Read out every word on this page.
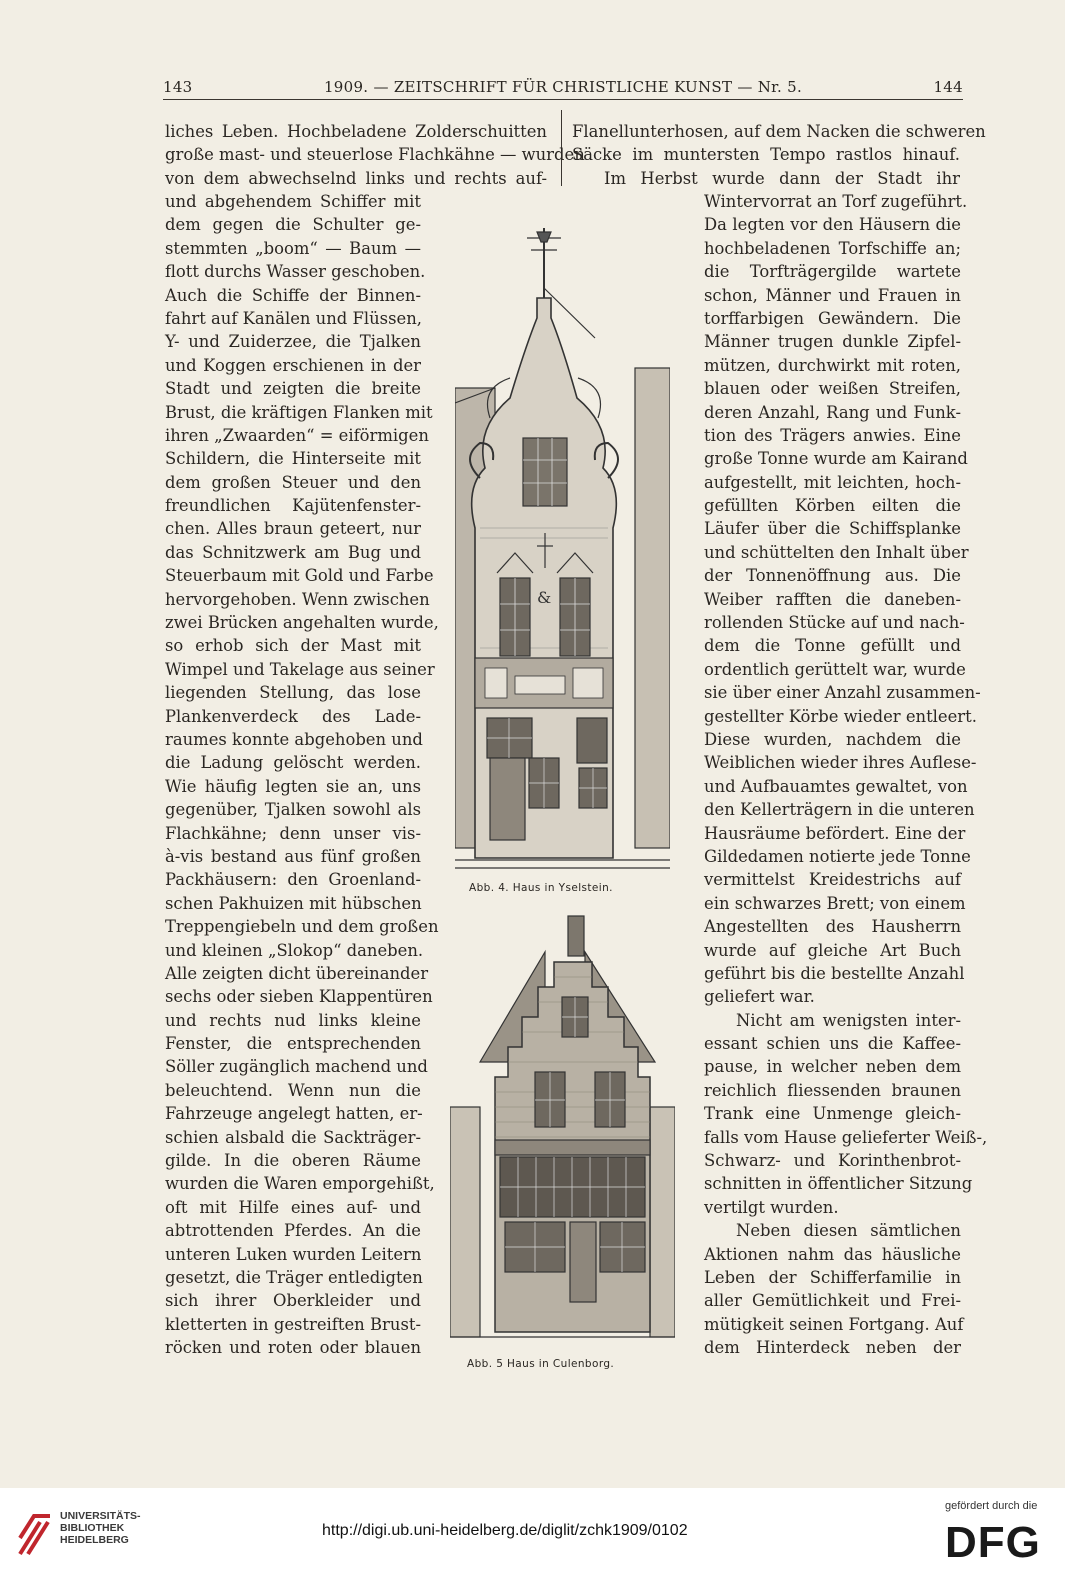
143	1909. — ZEITSCHRIFT FÜR CHRISTLICHE KUNST — Nr. 5.	144
liches Leben. Hochbeladene Zolderschuitten
große mast- und steuerlose Flachkähne — wurden
von dem abwechselnd links und rechts auf-
und abgehendem Schiffer mit
dem gegen die Schulter ge-
stemmten „boom“ — Baum —
flott durchs Wasser geschoben.
Auch die Schiffe der Binnen-
fahrt auf Kanälen und Flüssen,
Y- und Zuiderzee, die Tjalken
und Koggen erschienen in der
Stadt und zeigten die breite
Brust, die kräftigen Flanken mit
ihren „Zwaarden“ = eiförmigen
Schildern, die Hinterseite mit
dem großen Steuer und den
freundlichen Kajütenfenster-
chen. Alles braun geteert, nur
das Schnitzwerk am Bug und
Steuerbaum mit Gold und Farbe
hervorgehoben. Wenn zwischen
zwei Brücken angehalten wurde,
so erhob sich der Mast mit
Wimpel und Takelage aus seiner
liegenden Stellung, das lose
Plankenverdeck des Lade-
raumes konnte abgehoben und
die Ladung gelöscht werden.
Wie häufig legten sie an, uns
gegenüber, Tjalken sowohl als
Flachkähne; denn unser vis-
à-vis bestand aus fünf großen
Packhäusern: den Groenland-
schen Pakhuizen mit hübschen
Treppengiebeln und dem großen
und kleinen „Slokop“ daneben.
Alle zeigten dicht übereinander
sechs oder sieben Klappentüren
und rechts nud links kleine
Fenster, die entsprechenden
Söller zugänglich machend und
beleuchtend. Wenn nun die
Fahrzeuge angelegt hatten, er-
schien alsbald die Sackträger-
gilde. In die oberen Räume
wurden die Waren emporgehißt,
oft mit Hilfe eines auf- und
abtrottenden Pferdes. An die
unteren Luken wurden Leitern
gesetzt, die Träger entledigten
sich ihrer Oberkleider und
kletterten in gestreiften Brust-
röcken und roten oder blauen
Flanellunterhosen, auf dem Nacken die schweren
Säcke im muntersten Tempo rastlos hinauf.
Im Herbst wurde dann der Stadt ihr
Wintervorrat an Torf zugeführt.
Da legten vor den Häusern die
hochbeladenen Torfschiffe an;
die Torfträgergilde wartete
schon, Männer und Frauen in
torffarbigen Gewändern. Die
Männer trugen dunkle Zipfel-
mützen, durchwirkt mit roten,
blauen oder weißen Streifen,
deren Anzahl, Rang und Funk-
tion des Trägers anwies. Eine
große Tonne wurde am Kairand
aufgestellt, mit leichten, hoch-
gefüllten Körben eilten die
Läufer über die Schiffsplanke
und schüttelten den Inhalt über
der Tonnenöffnung aus. Die
Weiber rafften die daneben-
rollenden Stücke auf und nach-
dem die Tonne gefüllt und
ordentlich gerüttelt war, wurde
sie über einer Anzahl zusammen-
gestellter Körbe wieder entleert.
Diese wurden, nachdem die
Weiblichen wieder ihres Auflese-
und Aufbauamtes gewaltet, von
den Kellerträgern in die unteren
Hausräume befördert. Eine der
Gildedamen notierte jede Tonne
vermittelst Kreidestrichs auf
ein schwarzes Brett; von einem
Angestellten des Hausherrn
wurde auf gleiche Art Buch
geführt bis die bestellte Anzahl
geliefert war.
Nicht am wenigsten inter-
essant schien uns die Kaffee-
pause, in welcher neben dem
reichlich fliessenden braunen
Trank eine Unmenge gleich-
falls vom Hause gelieferter Weiß-,
Schwarz- und Korinthenbrot-
schnitten in öffentlicher Sitzung
vertilgt wurden.
Neben diesen sämtlichen
Aktionen nahm das häusliche
Leben der Schifferfamilie in
aller Gemütlichkeit und Frei-
mütigkeit seinen Fortgang. Auf
dem Hinterdeck neben der
&
Abb. 4. Haus in Yselstein.
Abb. 5 Haus in Culenborg.
UNIVERSITÄTS-
BIBLIOTHEK
HEIDELBERG
http://digi.ub.uni-heidelberg.de/diglit/zchk1909/0102
gefördert durch die
DFG
